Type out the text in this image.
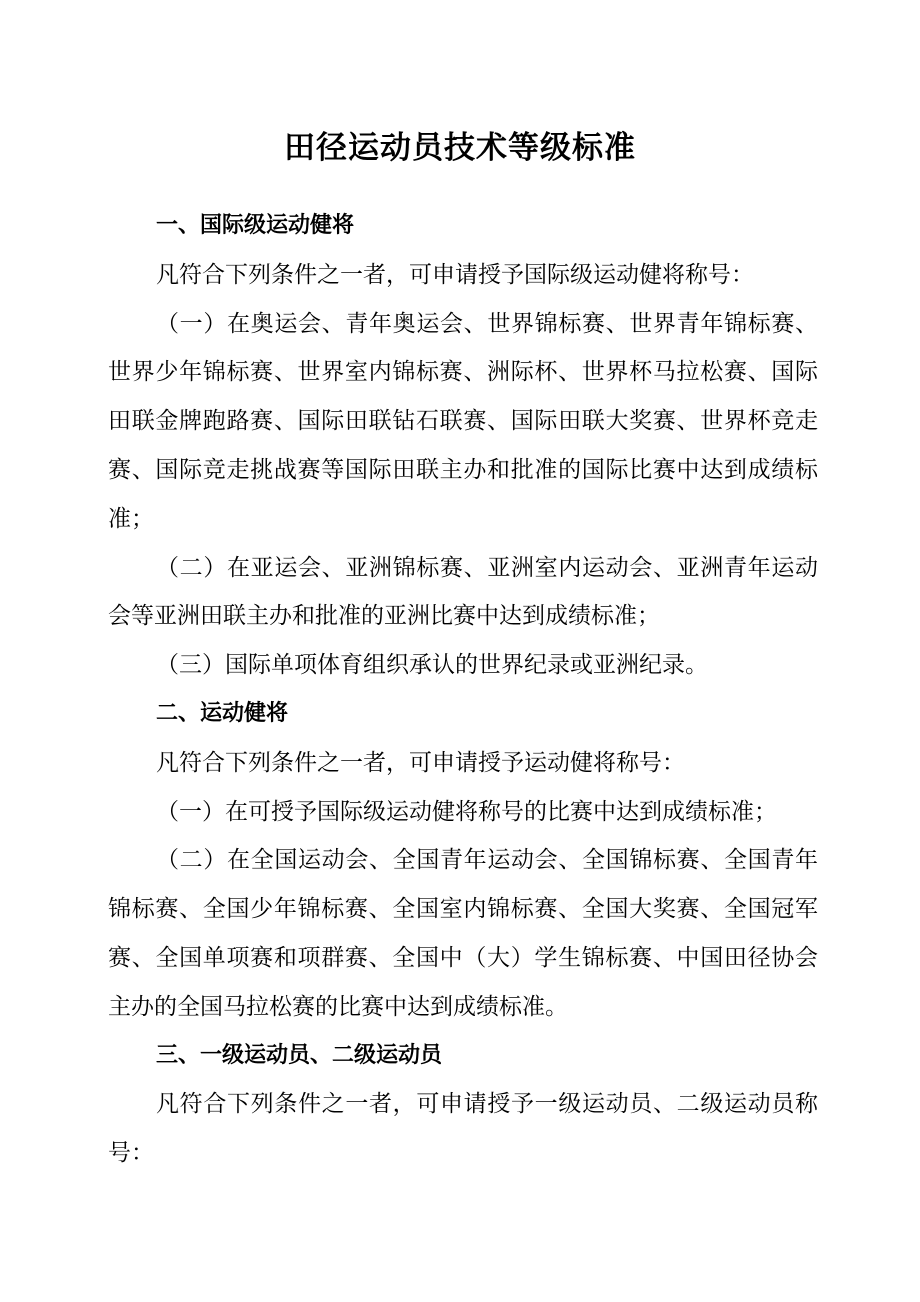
田径运动员技术等级标准
一、国际级运动健将

凡符合下列条件之一者，可申请授予国际级运动健将称号：

（一）在奥运会、青年奥运会、世界锦标赛、世界青年锦标赛、世界少年锦标赛、世界室内锦标赛、洲际杯、世界杯马拉松赛、国际田联金牌跑路赛、国际田联钻石联赛、国际田联大奖赛、世界杯竞走赛、国际竞走挑战赛等国际田联主办和批准的国际比赛中达到成绩标准；

（二）在亚运会、亚洲锦标赛、亚洲室内运动会、亚洲青年运动会等亚洲田联主办和批准的亚洲比赛中达到成绩标准；

（三）国际单项体育组织承认的世界纪录或亚洲纪录。

二、运动健将

凡符合下列条件之一者，可申请授予运动健将称号：

（一）在可授予国际级运动健将称号的比赛中达到成绩标准；

（二）在全国运动会、全国青年运动会、全国锦标赛、全国青年锦标赛、全国少年锦标赛、全国室内锦标赛、全国大奖赛、全国冠军赛、全国单项赛和项群赛、全国中（大）学生锦标赛、中国田径协会主办的全国马拉松赛的比赛中达到成绩标准。

三、一级运动员、二级运动员

凡符合下列条件之一者，可申请授予一级运动员、二级运动员称号：
